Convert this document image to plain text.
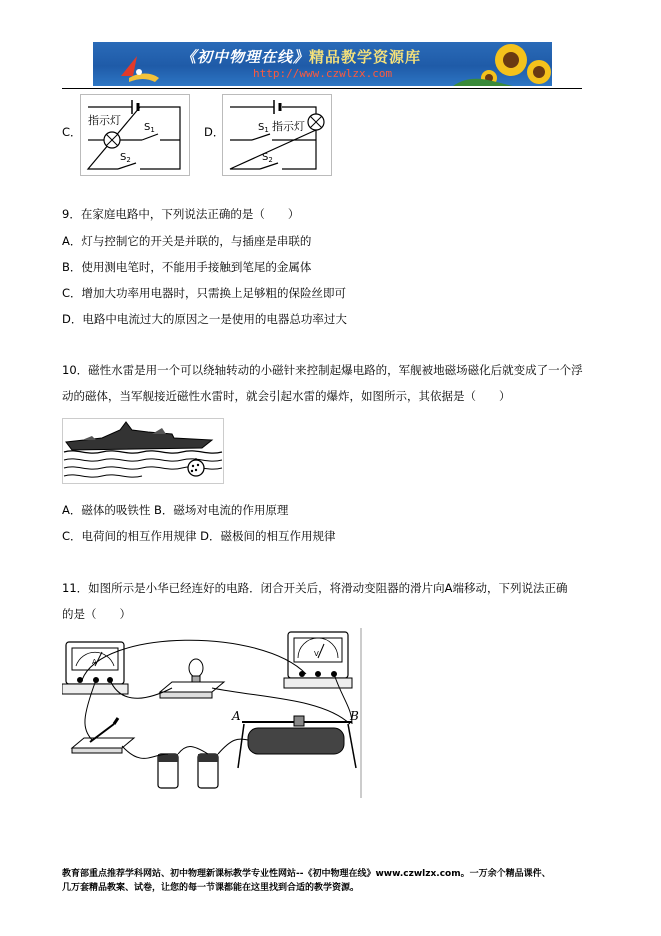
《初中物理在线》精品教学资源库
http://www.czwlzx.com
C．
指示灯
$S_1$
$S_2$
D．	$S_1$ 指示灯
$S_2$
9．在家庭电路中，下列说法正确的是（　　）
A．灯与控制它的开关是并联的，与插座是串联的
B．使用测电笔时，不能用手接触到笔尾的金属体
C．增加大功率用电器时，只需换上足够粗的保险丝即可
D．电路中电流过大的原因之一是使用的电器总功率过大
10．磁性水雷是用一个可以绕轴转动的小磁针来控制起爆电路的，军舰被地磁场磁化后就变成了一个浮
动的磁体，当军舰接近磁性水雷时，就会引起水雷的爆炸，如图所示，其依据是（　　）
A．磁体的吸铁性 B．磁场对电流的作用原理
C．电荷间的相互作用规律 D．磁极间的相互作用规律
11．如图所示是小华已经连好的电路．闭合开关后，将滑动变阻器的滑片向A端移动，下列说法正确
的是（　　）
A
V
A	B
教育部重点推荐学科网站、初中物理新课标教学专业性网站--《初中物理在线》www.czwlzx.com。一万余个精品课件、
几万套精品教案、试卷，让您的每一节课都能在这里找到合适的教学资源。
